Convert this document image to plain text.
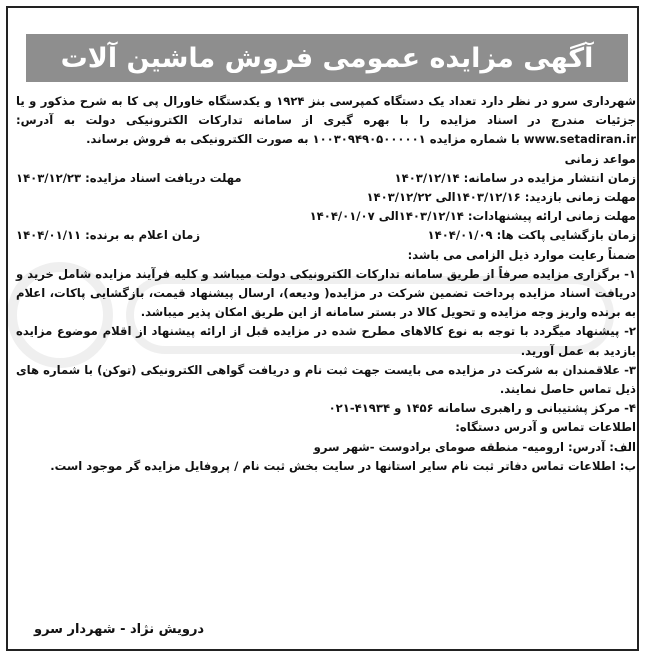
آگهی مزایده عمومی فروش ماشین آلات

شهرداری سرو در نظر دارد تعداد یک دستگاه کمپرسی بنز ۱۹۲۴ و یکدستگاه خاورال پی کا به شرح مذکور و یا جزئیات مندرج در اسناد مزایده را با بهره گیری از سامانه تدارکات الکترونیکی دولت به آدرس: www.setadiran.ir با شماره مزایده ۱۰۰۳۰۹۴۹۰۵۰۰۰۰۰۱ به صورت الکترونیکی به فروش برساند.

مواعد زمانی

زمان انتشار مزایده در سامانه: ۱۴۰۳/۱۲/۱۴
مهلت دریافت اسناد مزایده: ۱۴۰۳/۱۲/۲۳
مهلت زمانی بازدید: ۱۴۰۳/۱۲/۱۶الی ۱۴۰۳/۱۲/۲۲
مهلت زمانی ارائه پیشنهادات: ۱۴۰۳/۱۲/۱۴الی ۱۴۰۴/۰۱/۰۷
زمان بازگشایی پاکت ها: ۱۴۰۴/۰۱/۰۹
زمان اعلام به برنده: ۱۴۰۴/۰۱/۱۱

ضمناً رعایت موارد ذیل الزامی می باشد:

۱- برگزاری مزایده صرفاً از طریق سامانه تدارکات الکترونیکی دولت میباشد و کلیه فرآیند مزایده شامل خرید و دریافت اسناد مزایده پرداخت تضمین شرکت در مزایده( ودیعه)، ارسال پیشنهاد قیمت، بازگشایی پاکات، اعلام به برنده واریز وجه مزایده و تحویل کالا در بستر سامانه از این طریق امکان پذیر میباشد.

۲- پیشنهاد میگردد با توجه به نوع کالاهای مطرح شده در مزایده قبل از ارائه پیشنهاد از اقلام موضوع مزایده بازدید به عمل آورید.

۳- علاقمندان به شرکت در مزایده می بایست جهت ثبت نام و دریافت گواهی الکترونیکی (توکن) با شماره های ذیل تماس حاصل نمایند.

۴- مرکز پشتیبانی و راهبری سامانه ۱۴۵۶ و ۴۱۹۳۴-۰۲۱

اطلاعات تماس و آدرس دستگاه:

الف: آدرس: ارومیه- منطقه صومای برادوست -شهر سرو

ب: اطلاعات تماس دفاتر ثبت نام سایر استانها در سایت بخش ثبت نام / پروفایل مزایده گر موجود است.

درویش نژاد - شهردار سرو
